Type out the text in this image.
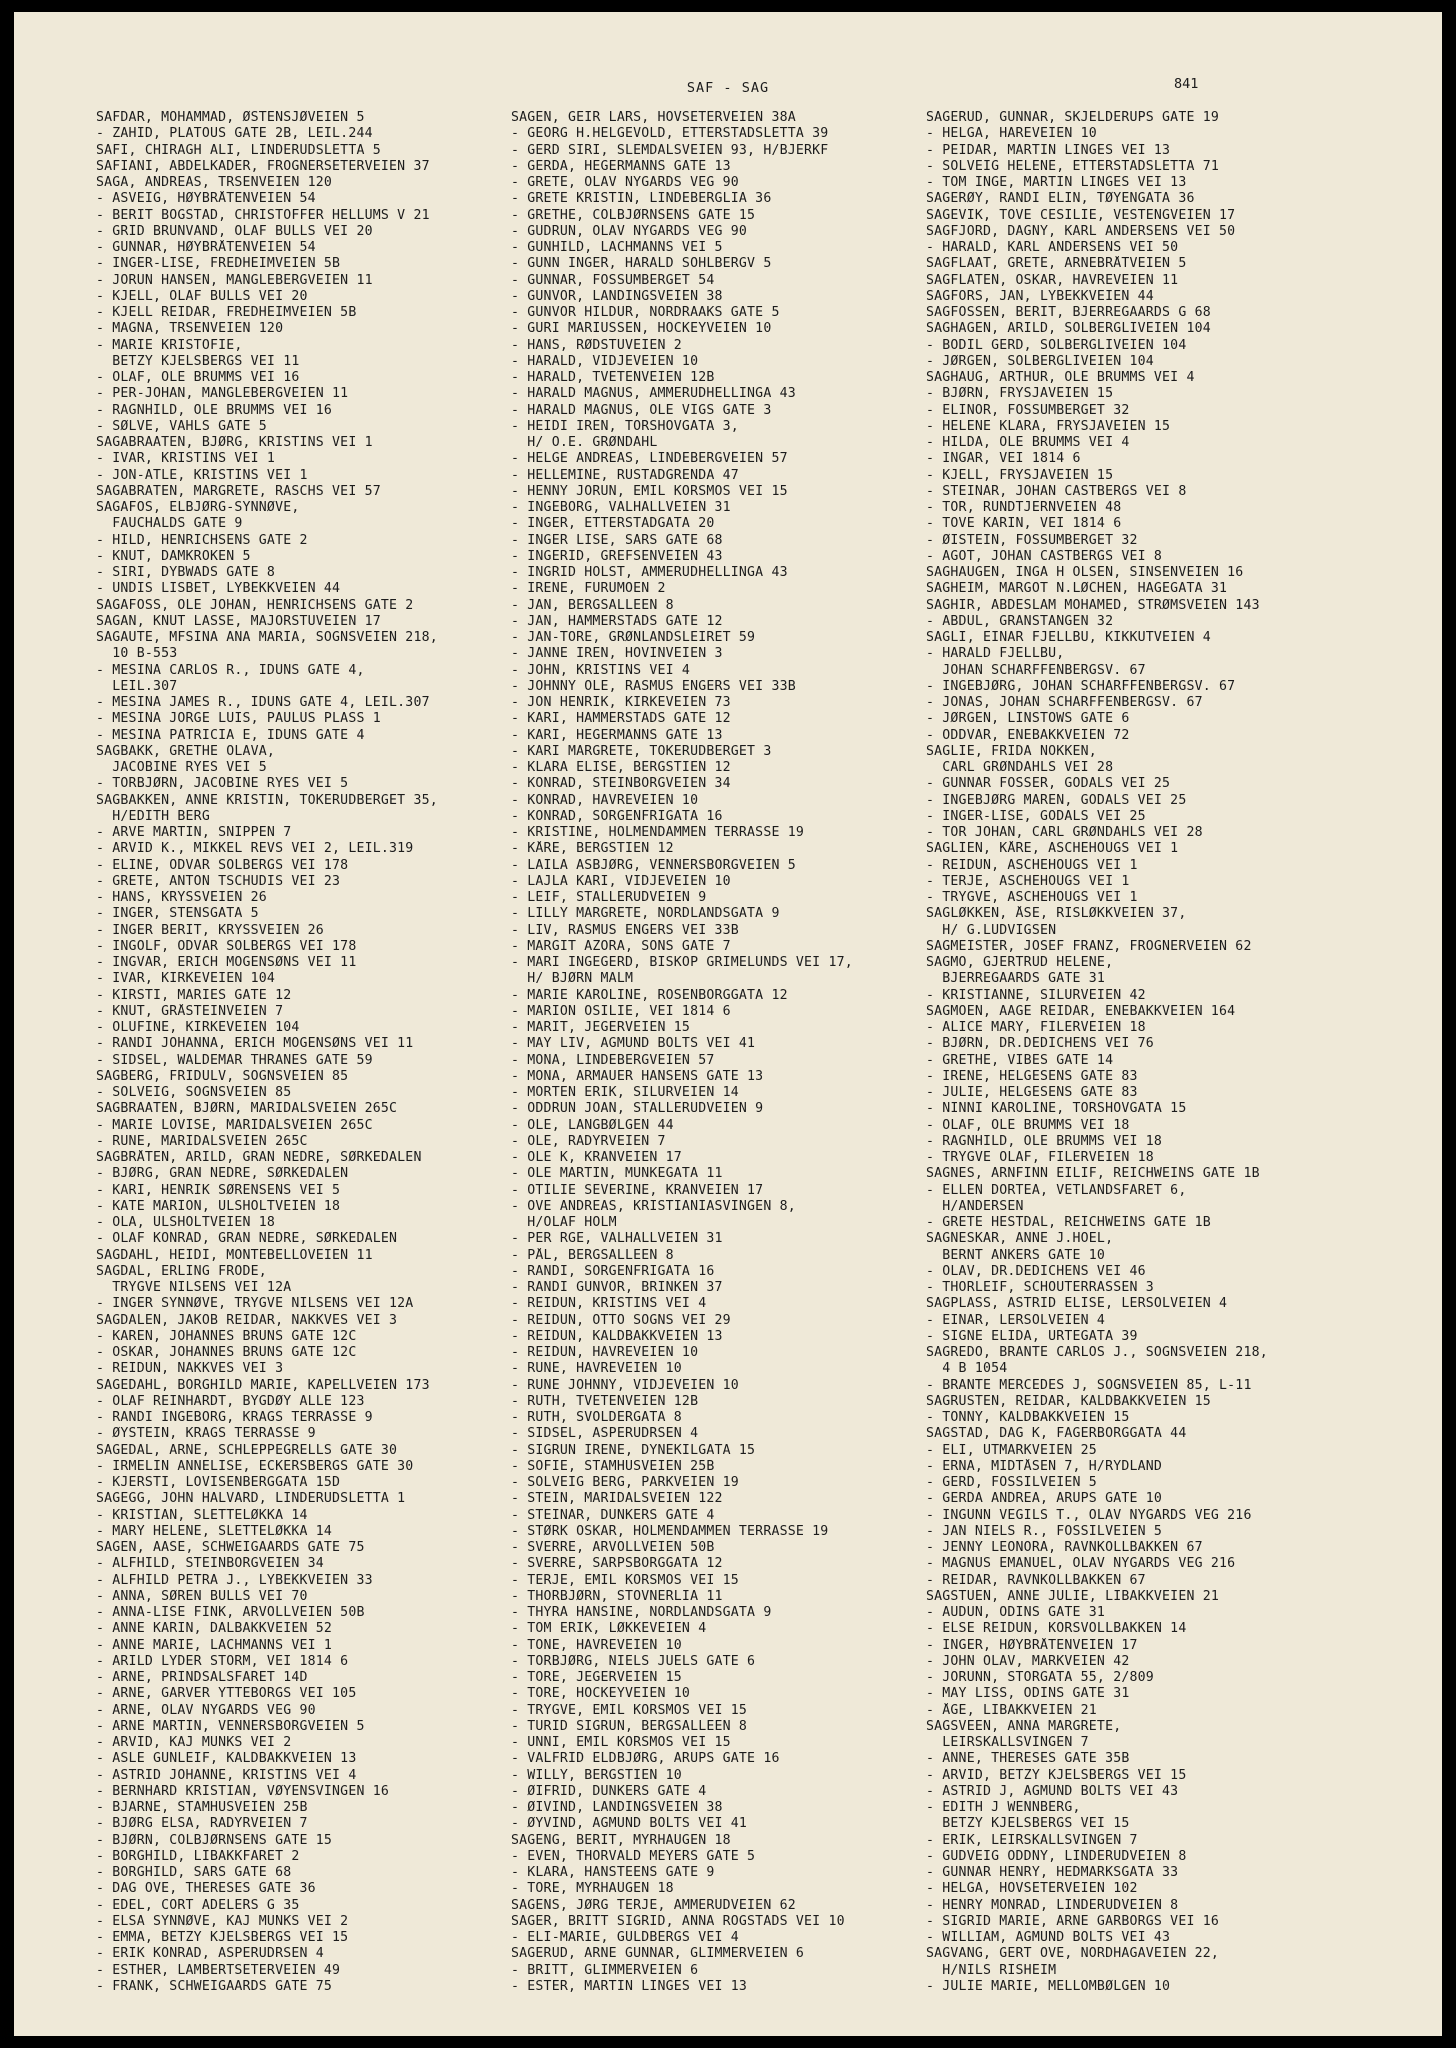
SAF - SAG	841
SAFDAR, MOHAMMAD, ØSTENSJØVEIEN 5
- ZAHID, PLATOUS GATE 2B, LEIL.244
SAFI, CHIRAGH ALI, LINDERUDSLETTA 5
SAFIANI, ABDELKADER, FROGNERSETERVEIEN 37
SAGA, ANDREAS, TRSENVEIEN 120
- ASVEIG, HØYBRÅTENVEIEN 54
- BERIT BOGSTAD, CHRISTOFFER HELLUMS V 21
- GRID BRUNVAND, OLAF BULLS VEI 20
- GUNNAR, HØYBRÅTENVEIEN 54
- INGER-LISE, FREDHEIMVEIEN 5B
- JORUN HANSEN, MANGLEBERGVEIEN 11
- KJELL, OLAF BULLS VEI 20
- KJELL REIDAR, FREDHEIMVEIEN 5B
- MAGNA, TRSENVEIEN 120
- MARIE KRISTOFIE,
BETZY KJELSBERGS VEI 11
- OLAF, OLE BRUMMS VEI 16
- PER-JOHAN, MANGLEBERGVEIEN 11
- RAGNHILD, OLE BRUMMS VEI 16
- SØLVE, VAHLS GATE 5
SAGABRAATEN, BJØRG, KRISTINS VEI 1
- IVAR, KRISTINS VEI 1
- JON-ATLE, KRISTINS VEI 1
SAGABRATEN, MARGRETE, RASCHS VEI 57
SAGAFOS, ELBJØRG-SYNNØVE,
FAUCHALDS GATE 9
- HILD, HENRICHSENS GATE 2
- KNUT, DAMKROKEN 5
- SIRI, DYBWADS GATE 8
- UNDIS LISBET, LYBEKKVEIEN 44
SAGAFOSS, OLE JOHAN, HENRICHSENS GATE 2
SAGAN, KNUT LASSE, MAJORSTUVEIEN 17
SAGAUTE, MFSINA ANA MARIA, SOGNSVEIEN 218,
10 B-553
- MESINA CARLOS R., IDUNS GATE 4,
LEIL.307
- MESINA JAMES R., IDUNS GATE 4, LEIL.307
- MESINA JORGE LUIS, PAULUS PLASS 1
- MESINA PATRICIA E, IDUNS GATE 4
SAGBAKK, GRETHE OLAVA,
JACOBINE RYES VEI 5
- TORBJØRN, JACOBINE RYES VEI 5
SAGBAKKEN, ANNE KRISTIN, TOKERUDBERGET 35,
H/EDITH BERG
- ARVE MARTIN, SNIPPEN 7
- ARVID K., MIKKEL REVS VEI 2, LEIL.319
- ELINE, ODVAR SOLBERGS VEI 178
- GRETE, ANTON TSCHUDIS VEI 23
- HANS, KRYSSVEIEN 26
- INGER, STENSGATA 5
- INGER BERIT, KRYSSVEIEN 26
- INGOLF, ODVAR SOLBERGS VEI 178
- INGVAR, ERICH MOGENSØNS VEI 11
- IVAR, KIRKEVEIEN 104
- KIRSTI, MARIES GATE 12
- KNUT, GRÅSTEINVEIEN 7
- OLUFINE, KIRKEVEIEN 104
- RANDI JOHANNA, ERICH MOGENSØNS VEI 11
- SIDSEL, WALDEMAR THRANES GATE 59
SAGBERG, FRIDULV, SOGNSVEIEN 85
- SOLVEIG, SOGNSVEIEN 85
SAGBRAATEN, BJØRN, MARIDALSVEIEN 265C
- MARIE LOVISE, MARIDALSVEIEN 265C
- RUNE, MARIDALSVEIEN 265C
SAGBRÅTEN, ARILD, GRAN NEDRE, SØRKEDALEN
- BJØRG, GRAN NEDRE, SØRKEDALEN
- KARI, HENRIK SØRENSENS VEI 5
- KATE MARION, ULSHOLTVEIEN 18
- OLA, ULSHOLTVEIEN 18
- OLAF KONRAD, GRAN NEDRE, SØRKEDALEN
SAGDAHL, HEIDI, MONTEBELLOVEIEN 11
SAGDAL, ERLING FRODE,
TRYGVE NILSENS VEI 12A
- INGER SYNNØVE, TRYGVE NILSENS VEI 12A
SAGDALEN, JAKOB REIDAR, NAKKVES VEI 3
- KAREN, JOHANNES BRUNS GATE 12C
- OSKAR, JOHANNES BRUNS GATE 12C
- REIDUN, NAKKVES VEI 3
SAGEDAHL, BORGHILD MARIE, KAPELLVEIEN 173
- OLAF REINHARDT, BYGDØY ALLE 123
- RANDI INGEBORG, KRAGS TERRASSE 9
- ØYSTEIN, KRAGS TERRASSE 9
SAGEDAL, ARNE, SCHLEPPEGRELLS GATE 30
- IRMELIN ANNELISE, ECKERSBERGS GATE 30
- KJERSTI, LOVISENBERGGATA 15D
SAGEGG, JOHN HALVARD, LINDERUDSLETTA 1
- KRISTIAN, SLETTELØKKA 14
- MARY HELENE, SLETTELØKKA 14
SAGEN, AASE, SCHWEIGAARDS GATE 75
- ALFHILD, STEINBORGVEIEN 34
- ALFHILD PETRA J., LYBEKKVEIEN 33
- ANNA, SØREN BULLS VEI 70
- ANNA-LISE FINK, ARVOLLVEIEN 50B
- ANNE KARIN, DALBAKKVEIEN 52
- ANNE MARIE, LACHMANNS VEI 1
- ARILD LYDER STORM, VEI 1814 6
- ARNE, PRINDSALSFARET 14D
- ARNE, GARVER YTTEBORGS VEI 105
- ARNE, OLAV NYGARDS VEG 90
- ARNE MARTIN, VENNERSBORGVEIEN 5
- ARVID, KAJ MUNKS VEI 2
- ASLE GUNLEIF, KALDBAKKVEIEN 13
- ASTRID JOHANNE, KRISTINS VEI 4
- BERNHARD KRISTIAN, VØYENSVINGEN 16
- BJARNE, STAMHUSVEIEN 25B
- BJØRG ELSA, RADYRVEIEN 7
- BJØRN, COLBJØRNSENS GATE 15
- BORGHILD, LIBAKKFARET 2
- BORGHILD, SARS GATE 68
- DAG OVE, THERESES GATE 36
- EDEL, CORT ADELERS G 35
- ELSA SYNNØVE, KAJ MUNKS VEI 2
- EMMA, BETZY KJELSBERGS VEI 15
- ERIK KONRAD, ASPERUDRSEN 4
- ESTHER, LAMBERTSETERVEIEN 49
- FRANK, SCHWEIGAARDS GATE 75
SAGEN, GEIR LARS, HOVSETERVEIEN 38A
- GEORG H.HELGEVOLD, ETTERSTADSLETTA 39
- GERD SIRI, SLEMDALSVEIEN 93, H/BJERKF
- GERDA, HEGERMANNS GATE 13
- GRETE, OLAV NYGARDS VEG 90
- GRETE KRISTIN, LINDEBERGLIA 36
- GRETHE, COLBJØRNSENS GATE 15
- GUDRUN, OLAV NYGARDS VEG 90
- GUNHILD, LACHMANNS VEI 5
- GUNN INGER, HARALD SOHLBERGV 5
- GUNNAR, FOSSUMBERGET 54
- GUNVOR, LANDINGSVEIEN 38
- GUNVOR HILDUR, NORDRAAKS GATE 5
- GURI MARIUSSEN, HOCKEYVEIEN 10
- HANS, RØDSTUVEIEN 2
- HARALD, VIDJEVEIEN 10
- HARALD, TVETENVEIEN 12B
- HARALD MAGNUS, AMMERUDHELLINGA 43
- HARALD MAGNUS, OLE VIGS GATE 3
- HEIDI IREN, TORSHOVGATA 3,
H/ O.E. GRØNDAHL
- HELGE ANDREAS, LINDEBERGVEIEN 57
- HELLEMINE, RUSTADGRENDA 47
- HENNY JORUN, EMIL KORSMOS VEI 15
- INGEBORG, VALHALLVEIEN 31
- INGER, ETTERSTADGATA 20
- INGER LISE, SARS GATE 68
- INGERID, GREFSENVEIEN 43
- INGRID HOLST, AMMERUDHELLINGA 43
- IRENE, FURUMOEN 2
- JAN, BERGSALLEEN 8
- JAN, HAMMERSTADS GATE 12
- JAN-TORE, GRØNLANDSLEIRET 59
- JANNE IREN, HOVINVEIEN 3
- JOHN, KRISTINS VEI 4
- JOHNNY OLE, RASMUS ENGERS VEI 33B
- JON HENRIK, KIRKEVEIEN 73
- KARI, HAMMERSTADS GATE 12
- KARI, HEGERMANNS GATE 13
- KARI MARGRETE, TOKERUDBERGET 3
- KLARA ELISE, BERGSTIEN 12
- KONRAD, STEINBORGVEIEN 34
- KONRAD, HAVREVEIEN 10
- KONRAD, SORGENFRIGATA 16
- KRISTINE, HOLMENDAMMEN TERRASSE 19
- KÅRE, BERGSTIEN 12
- LAILA ASBJØRG, VENNERSBORGVEIEN 5
- LAJLA KARI, VIDJEVEIEN 10
- LEIF, STALLERUDVEIEN 9
- LILLY MARGRETE, NORDLANDSGATA 9
- LIV, RASMUS ENGERS VEI 33B
- MARGIT AZORA, SONS GATE 7
- MARI INGEGERD, BISKOP GRIMELUNDS VEI 17,
H/ BJØRN MALM
- MARIE KAROLINE, ROSENBORGGATA 12
- MARION OSILIE, VEI 1814 6
- MARIT, JEGERVEIEN 15
- MAY LIV, AGMUND BOLTS VEI 41
- MONA, LINDEBERGVEIEN 57
- MONA, ARMAUER HANSENS GATE 13
- MORTEN ERIK, SILURVEIEN 14
- ODDRUN JOAN, STALLERUDVEIEN 9
- OLE, LANGBØLGEN 44
- OLE, RADYRVEIEN 7
- OLE K, KRANVEIEN 17
- OLE MARTIN, MUNKEGATA 11
- OTILIE SEVERINE, KRANVEIEN 17
- OVE ANDREAS, KRISTIANIASVINGEN 8,
H/OLAF HOLM
- PER RGE, VALHALLVEIEN 31
- PÅL, BERGSALLEEN 8
- RANDI, SORGENFRIGATA 16
- RANDI GUNVOR, BRINKEN 37
- REIDUN, KRISTINS VEI 4
- REIDUN, OTTO SOGNS VEI 29
- REIDUN, KALDBAKKVEIEN 13
- REIDUN, HAVREVEIEN 10
- RUNE, HAVREVEIEN 10
- RUNE JOHNNY, VIDJEVEIEN 10
- RUTH, TVETENVEIEN 12B
- RUTH, SVOLDERGATA 8
- SIDSEL, ASPERUDRSEN 4
- SIGRUN IRENE, DYNEKILGATA 15
- SOFIE, STAMHUSVEIEN 25B
- SOLVEIG BERG, PARKVEIEN 19
- STEIN, MARIDALSVEIEN 122
- STEINAR, DUNKERS GATE 4
- STØRK OSKAR, HOLMENDAMMEN TERRASSE 19
- SVERRE, ARVOLLVEIEN 50B
- SVERRE, SARPSBORGGATA 12
- TERJE, EMIL KORSMOS VEI 15
- THORBJØRN, STOVNERLIA 11
- THYRA HANSINE, NORDLANDSGATA 9
- TOM ERIK, LØKKEVEIEN 4
- TONE, HAVREVEIEN 10
- TORBJØRG, NIELS JUELS GATE 6
- TORE, JEGERVEIEN 15
- TORE, HOCKEYVEIEN 10
- TRYGVE, EMIL KORSMOS VEI 15
- TURID SIGRUN, BERGSALLEEN 8
- UNNI, EMIL KORSMOS VEI 15
- VALFRID ELDBJØRG, ARUPS GATE 16
- WILLY, BERGSTIEN 10
- ØIFRID, DUNKERS GATE 4
- ØIVIND, LANDINGSVEIEN 38
- ØYVIND, AGMUND BOLTS VEI 41
SAGENG, BERIT, MYRHAUGEN 18
- EVEN, THORVALD MEYERS GATE 5
- KLARA, HANSTEENS GATE 9
- TORE, MYRHAUGEN 18
SAGENS, JØRG TERJE, AMMERUDVEIEN 62
SAGER, BRITT SIGRID, ANNA ROGSTADS VEI 10
- ELI-MARIE, GULDBERGS VEI 4
SAGERUD, ARNE GUNNAR, GLIMMERVEIEN 6
- BRITT, GLIMMERVEIEN 6
- ESTER, MARTIN LINGES VEI 13
SAGERUD, GUNNAR, SKJELDERUPS GATE 19
- HELGA, HAREVEIEN 10
- PEIDAR, MARTIN LINGES VEI 13
- SOLVEIG HELENE, ETTERSTADSLETTA 71
- TOM INGE, MARTIN LINGES VEI 13
SAGERØY, RANDI ELIN, TØYENGATA 36
SAGEVIK, TOVE CESILIE, VESTENGVEIEN 17
SAGFJORD, DAGNY, KARL ANDERSENS VEI 50
- HARALD, KARL ANDERSENS VEI 50
SAGFLAAT, GRETE, ARNEBRÅTVEIEN 5
SAGFLATEN, OSKAR, HAVREVEIEN 11
SAGFORS, JAN, LYBEKKVEIEN 44
SAGFOSSEN, BERIT, BJERREGAARDS G 68
SAGHAGEN, ARILD, SOLBERGLIVEIEN 104
- BODIL GERD, SOLBERGLIVEIEN 104
- JØRGEN, SOLBERGLIVEIEN 104
SAGHAUG, ARTHUR, OLE BRUMMS VEI 4
- BJØRN, FRYSJAVEIEN 15
- ELINOR, FOSSUMBERGET 32
- HELENE KLARA, FRYSJAVEIEN 15
- HILDA, OLE BRUMMS VEI 4
- INGAR, VEI 1814 6
- KJELL, FRYSJAVEIEN 15
- STEINAR, JOHAN CASTBERGS VEI 8
- TOR, RUNDTJERNVEIEN 48
- TOVE KARIN, VEI 1814 6
- ØISTEIN, FOSSUMBERGET 32
- AGOT, JOHAN CASTBERGS VEI 8
SAGHAUGEN, INGA H OLSEN, SINSENVEIEN 16
SAGHEIM, MARGOT N.LØCHEN, HAGEGATA 31
SAGHIR, ABDESLAM MOHAMED, STRØMSVEIEN 143
- ABDUL, GRANSTANGEN 32
SAGLI, EINAR FJELLBU, KIKKUTVEIEN 4
- HARALD FJELLBU,
JOHAN SCHARFFENBERGSV. 67
- INGEBJØRG, JOHAN SCHARFFENBERGSV. 67
- JONAS, JOHAN SCHARFFENBERGSV. 67
- JØRGEN, LINSTOWS GATE 6
- ODDVAR, ENEBAKKVEIEN 72
SAGLIE, FRIDA NOKKEN,
CARL GRØNDAHLS VEI 28
- GUNNAR FOSSER, GODALS VEI 25
- INGEBJØRG MAREN, GODALS VEI 25
- INGER-LISE, GODALS VEI 25
- TOR JOHAN, CARL GRØNDAHLS VEI 28
SAGLIEN, KÅRE, ASCHEHOUGS VEI 1
- REIDUN, ASCHEHOUGS VEI 1
- TERJE, ASCHEHOUGS VEI 1
- TRYGVE, ASCHEHOUGS VEI 1
SAGLØKKEN, ÅSE, RISLØKKVEIEN 37,
H/ G.LUDVIGSEN
SAGMEISTER, JOSEF FRANZ, FROGNERVEIEN 62
SAGMO, GJERTRUD HELENE,
BJERREGAARDS GATE 31
- KRISTIANNE, SILURVEIEN 42
SAGMOEN, AAGE REIDAR, ENEBAKKVEIEN 164
- ALICE MARY, FILERVEIEN 18
- BJØRN, DR.DEDICHENS VEI 76
- GRETHE, VIBES GATE 14
- IRENE, HELGESENS GATE 83
- JULIE, HELGESENS GATE 83
- NINNI KAROLINE, TORSHOVGATA 15
- OLAF, OLE BRUMMS VEI 18
- RAGNHILD, OLE BRUMMS VEI 18
- TRYGVE OLAF, FILERVEIEN 18
SAGNES, ARNFINN EILIF, REICHWEINS GATE 1B
- ELLEN DORTEA, VETLANDSFARET 6,
H/ANDERSEN
- GRETE HESTDAL, REICHWEINS GATE 1B
SAGNESKAR, ANNE J.HOEL,
BERNT ANKERS GATE 10
- OLAV, DR.DEDICHENS VEI 46
- THORLEIF, SCHOUTERRASSEN 3
SAGPLASS, ASTRID ELISE, LERSOLVEIEN 4
- EINAR, LERSOLVEIEN 4
- SIGNE ELIDA, URTEGATA 39
SAGREDO, BRANTE CARLOS J., SOGNSVEIEN 218,
4 B 1054
- BRANTE MERCEDES J, SOGNSVEIEN 85, L-11
SAGRUSTEN, REIDAR, KALDBAKKVEIEN 15
- TONNY, KALDBAKKVEIEN 15
SAGSTAD, DAG K, FAGERBORGGATA 44
- ELI, UTMARKVEIEN 25
- ERNA, MIDTÅSEN 7, H/RYDLAND
- GERD, FOSSILVEIEN 5
- GERDA ANDREA, ARUPS GATE 10
- INGUNN VEGILS T., OLAV NYGARDS VEG 216
- JAN NIELS R., FOSSILVEIEN 5
- JENNY LEONORA, RAVNKOLLBAKKEN 67
- MAGNUS EMANUEL, OLAV NYGARDS VEG 216
- REIDAR, RAVNKOLLBAKKEN 67
SAGSTUEN, ANNE JULIE, LIBAKKVEIEN 21
- AUDUN, ODINS GATE 31
- ELSE REIDUN, KORSVOLLBAKKEN 14
- INGER, HØYBRÅTENVEIEN 17
- JOHN OLAV, MARKVEIEN 42
- JORUNN, STORGATA 55, 2/809
- MAY LISS, ODINS GATE 31
- ÅGE, LIBAKKVEIEN 21
SAGSVEEN, ANNA MARGRETE,
LEIRSKALLSVINGEN 7
- ANNE, THERESES GATE 35B
- ARVID, BETZY KJELSBERGS VEI 15
- ASTRID J, AGMUND BOLTS VEI 43
- EDITH J WENNBERG,
BETZY KJELSBERGS VEI 15
- ERIK, LEIRSKALLSVINGEN 7
- GUDVEIG ODDNY, LINDERUDVEIEN 8
- GUNNAR HENRY, HEDMARKSGATA 33
- HELGA, HOVSETERVEIEN 102
- HENRY MONRAD, LINDERUDVEIEN 8
- SIGRID MARIE, ARNE GARBORGS VEI 16
- WILLIAM, AGMUND BOLTS VEI 43
SAGVANG, GERT OVE, NORDHAGAVEIEN 22,
H/NILS RISHEIM
- JULIE MARIE, MELLOMBØLGEN 10
